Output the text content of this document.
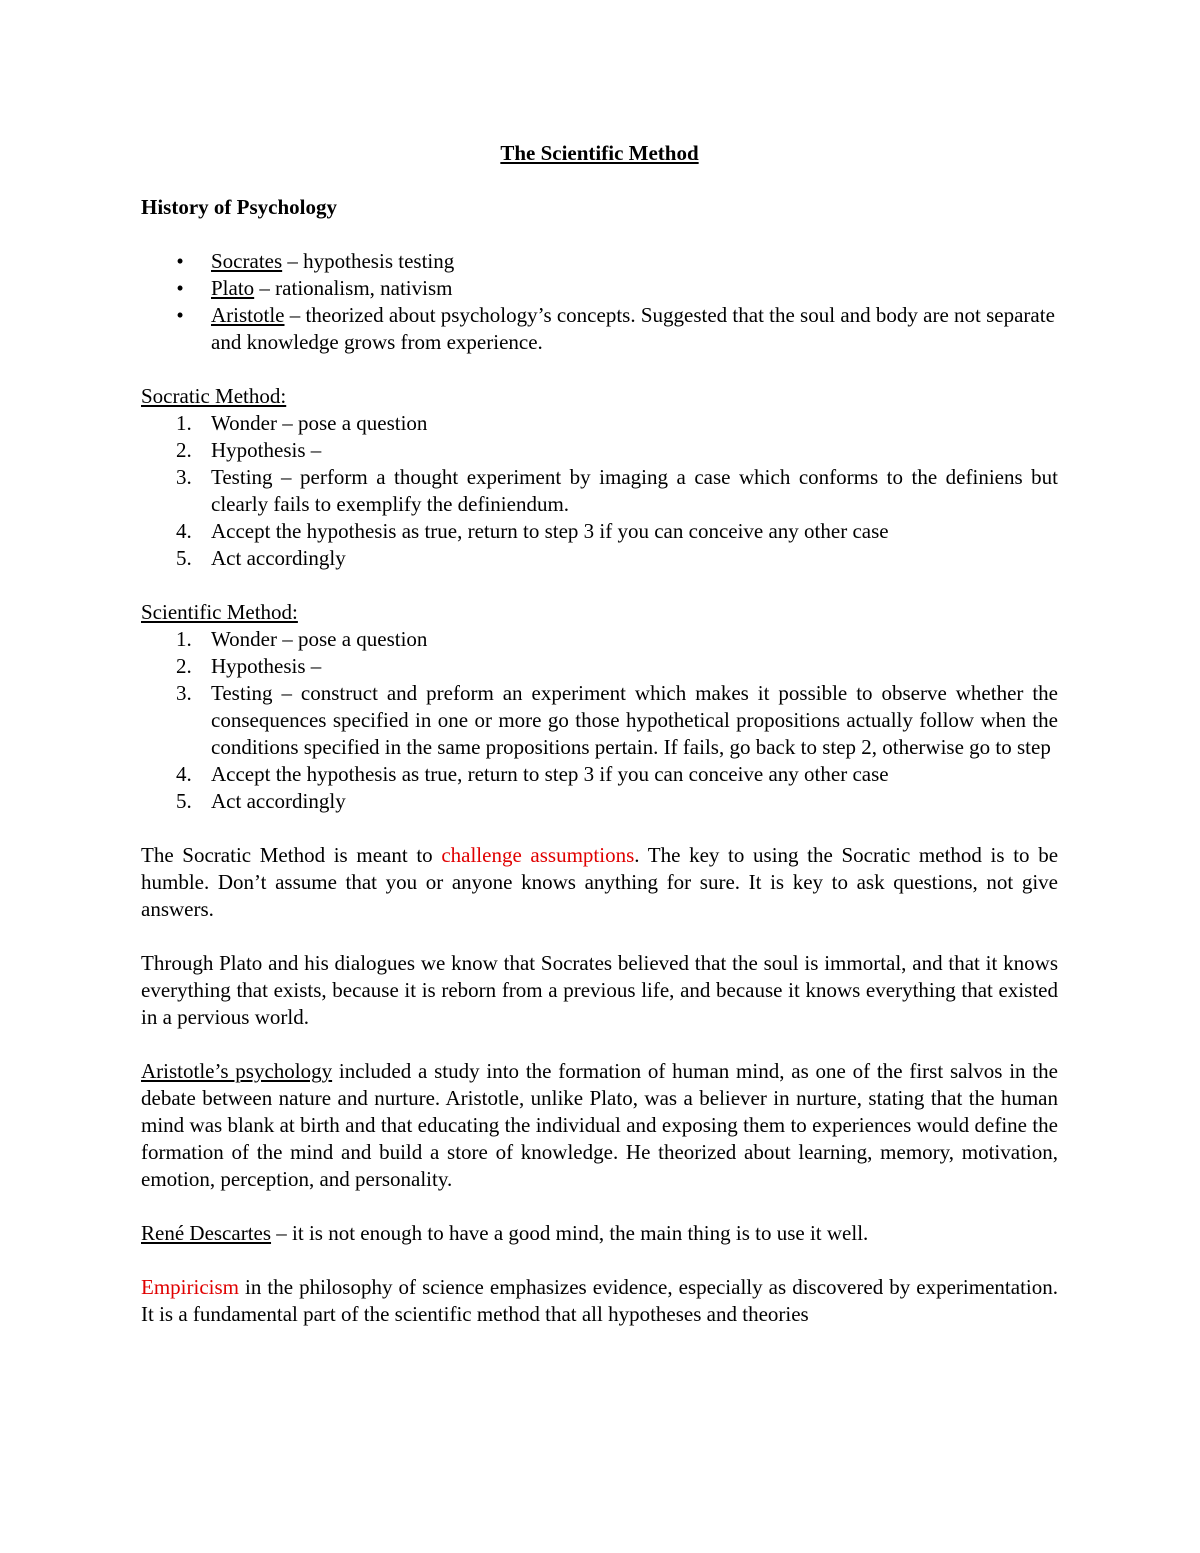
The Scientific Method
History of Psychology
• Socrates – hypothesis testing
• Plato – rationalism, nativism
• Aristotle – theorized about psychology’s concepts. Suggested that the soul and body are not separate and knowledge grows from experience.
Socratic Method:
1. Wonder – pose a question
2. Hypothesis –
3. Testing – perform a thought experiment by imaging a case which conforms to the definiens but clearly fails to exemplify the definiendum.
4. Accept the hypothesis as true, return to step 3 if you can conceive any other case
5. Act accordingly
Scientific Method:
1. Wonder – pose a question
2. Hypothesis –
3. Testing – construct and preform an experiment which makes it possible to observe whether the consequences specified in one or more go those hypothetical propositions actually follow when the conditions specified in the same propositions pertain. If fails, go back to step 2, otherwise go to step
4. Accept the hypothesis as true, return to step 3 if you can conceive any other case
5. Act accordingly

The Socratic Method is meant to challenge assumptions. The key to using the Socratic method is to be humble. Don’t assume that you or anyone knows anything for sure. It is key to ask questions, not give answers.

Through Plato and his dialogues we know that Socrates believed that the soul is immortal, and that it knows everything that exists, because it is reborn from a previous life, and because it knows everything that existed in a pervious world.

Aristotle’s psychology included a study into the formation of human mind, as one of the first salvos in the debate between nature and nurture. Aristotle, unlike Plato, was a believer in nurture, stating that the human mind was blank at birth and that educating the individual and exposing them to experiences would define the formation of the mind and build a store of knowledge. He theorized about learning, memory, motivation, emotion, perception, and personality.

René Descartes – it is not enough to have a good mind, the main thing is to use it well.

Empiricism in the philosophy of science emphasizes evidence, especially as discovered by experimentation. It is a fundamental part of the scientific method that all hypotheses and theories
